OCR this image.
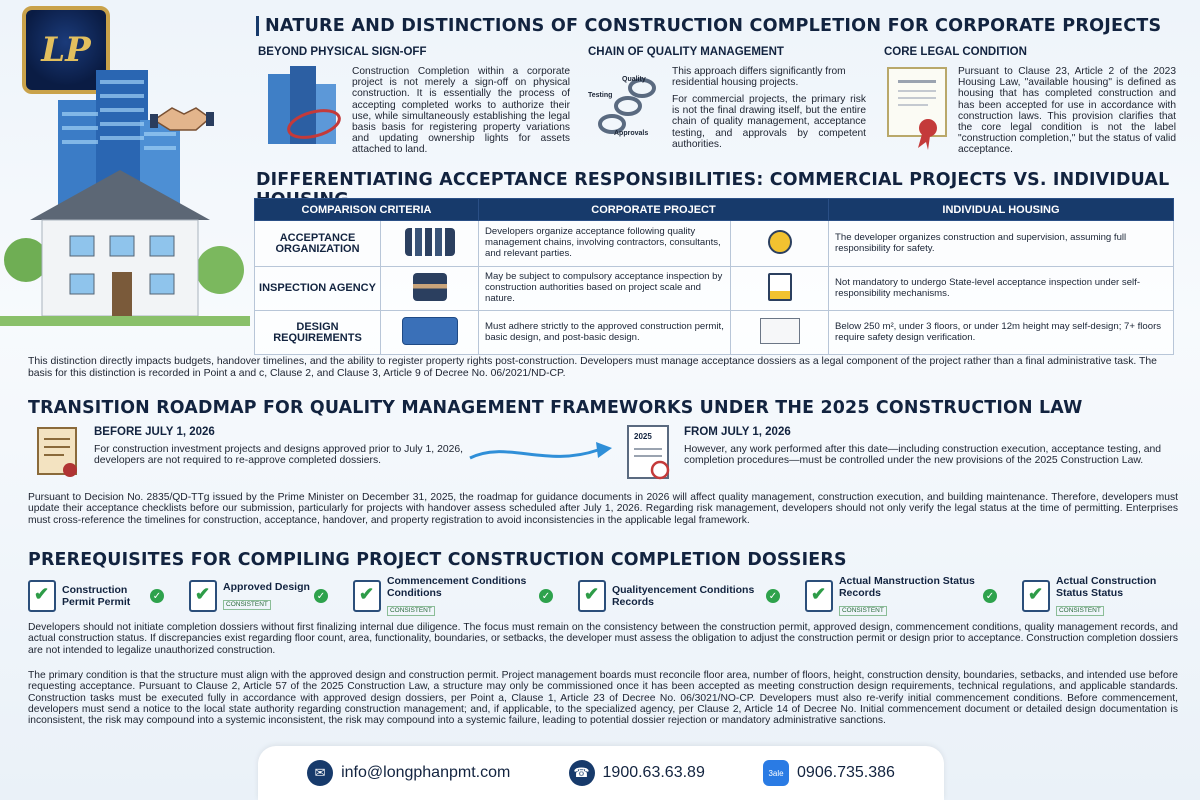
LP
NATURE AND DISTINCTIONS OF CONSTRUCTION COMPLETION FOR CORPORATE PROJECTS
BEYOND PHYSICAL SIGN-OFF
Construction Completion within a corporate project is not merely a sign-off on physical construction. It is essentially the process of accepting completed works to authorize their use, while simultaneously establishing the legal basis basis for registering property variations and updating ownership lights for assets attached to land.
CHAIN OF QUALITY MANAGEMENT
Quality
Testing
Approvals
This approach differs significantly from residential housing projects.
For commercial projects, the primary risk is not the final drawing itself, but the entire chain of quality management, acceptance testing, and approvals by competent authorities.
CORE LEGAL CONDITION
Pursuant to Clause 23, Article 2 of the 2023 Housing Law, "available housing" is defined as housing that has completed construction and has been accepted for use in accordance with construction laws. This provision clarifies that the core legal condition is not the label "construction completion," but the status of valid acceptance.
DIFFERENTIATING ACCEPTANCE RESPONSIBILITIES: COMMERCIAL PROJECTS VS. INDIVIDUAL
COMPARISON CRITERIA		CORPORATE PROJECT		INDIVIDUAL HOUSING
ACCEPTANCE ORGANIZATION		Developers organize acceptance following quality management chains, involving contractors, consultants, and relevant parties.		The developer organizes construction and supervision, assuming full responsibility for safety.
INSPECTION AGENCY		May be subject to compulsory acceptance inspection by construction authorities based on project scale and nature.		Not mandatory to undergo State-level acceptance inspection under self-responsibility mechanisms.
DESIGN REQUIREMENTS		Must adhere strictly to the approved construction permit, basic design, and post-basic design.		Below 250 m², under 3 floors, or under 12m height may self-design; 7+ floors require safety design verification.
This distinction directly impacts budgets, handover timelines, and the ability to register property rights post-construction. Developers must manage acceptance dossiers as a legal component of the project rather than a final administrative task. The basis for this distinction is recorded in Point a and c, Clause 2, and Clause 3, Article 9 of Decree No. 06/2021/ND-CP.
TRANSITION ROADMAP FOR QUALITY MANAGEMENT FRAMEWORKS UNDER THE 2025 CONSTRUCTION LAW
BEFORE JULY 1, 2026
For construction investment projects and designs approved prior to July 1, 2026, developers are not required to re-approve completed dossiers.
2025	FROM JULY 1, 2026
However, any work performed after this date—including construction execution, acceptance testing, and completion procedures—must be controlled under the new provisions of the 2025 Construction Law.
Pursuant to Decision No. 2835/QD-TTg issued by the Prime Minister on December 31, 2025, the roadmap for guidance documents in 2026 will affect quality management, construction execution, and building maintenance. Therefore, developers must update their acceptance checklists before our submission, particularly for projects with handover assess scheduled after July 1, 2026. Regarding risk management, developers should not only verify the legal status at the time of permitting. Enterprises must cross-reference the timelines for construction, acceptance, handover, and property registration to avoid inconsistencies in the applicable legal framework.
PREREQUISITES FOR COMPILING PROJECT CONSTRUCTION COMPLETION DOSSIERS
✔
Construction Permit Permit	✓
✔
Approved Design
CONSISTENT
✓
✔
Commencement Conditions Conditions
CONSISTENT
✓ ✔	Qualityencement Conditions Records	✓
✔
Actual Manstruction Status Records
CONSISTENT
✓
✔
Actual Construction Status Status
CONSISTENT
Developers should not initiate completion dossiers without first finalizing internal due diligence. The focus must remain on the consistency between the construction permit, approved design, commencement conditions, quality management records, and actual construction status. If discrepancies exist regarding floor count, area, functionality, boundaries, or setbacks, the developer must assess the obligation to adjust the construction permit or design prior to acceptance. Construction completion dossiers are not intended to legalize unauthorized construction.
The primary condition is that the structure must align with the approved design and construction permit. Project management boards must reconcile floor area, number of floors, height, construction density, boundaries, setbacks, and intended use before requesting acceptance. Pursuant to Clause 2, Article 57 of the 2025 Construction Law, a structure may only be commissioned once it has been accepted as meeting construction design requirements, technical regulations, and applicable standards. Construction tasks must be executed fully in accordance with approved design dossiers, per Point a, Clause 1, Article 23 of Decree No. 06/3021/NO-CP. Developers must also re-verify initial commencement conditions. Before commencement, developers must send a notice to the local state authority regarding construction management; and, if applicable, to the specialized agency, per Clause 2, Article 14 of Decree No. Initial commencement document or detailed design documentation is inconsistent, the risk may compound into a systemic inconsistent, the risk may compound into a systemic failure, leading to potential dossier rejection or mandatory administrative sanctions.
✉ info@longphanpmt.com	☎ 1900.63.63.89	3ale 0906.735.386
